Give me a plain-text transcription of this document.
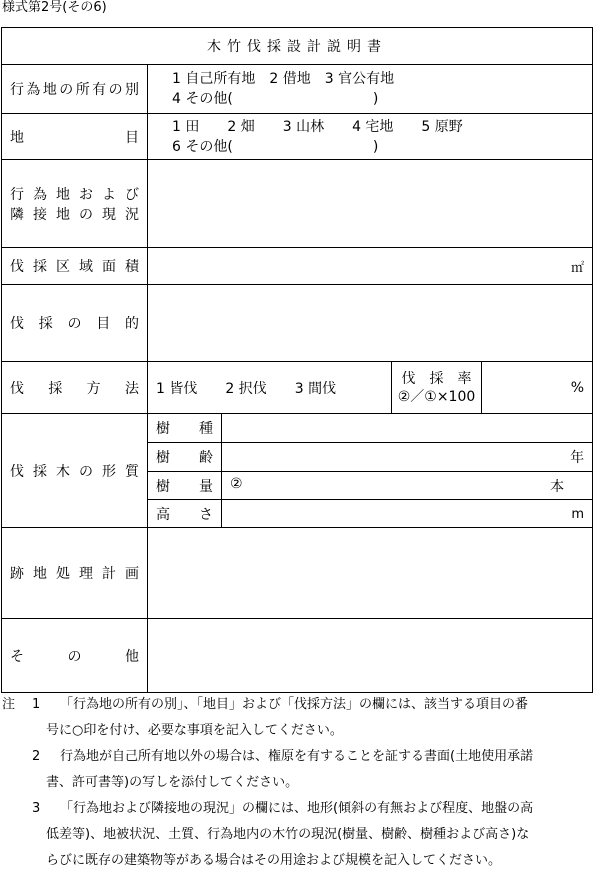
様式第2号(その6)
木竹伐採設計説明書				
行為地の所有の別	1 自己所有地　2 借地　3 官公有地
4 その他(　　　　　　　　　　)			

地目	1 田　　2 畑　　3 山林　　4 宅地　　5 原野
6 その他(　　　　　　　　　　)			

行為地および
隣接地の現況				

伐採区域面積	㎡			
伐採の目的				
伐採方法	1 皆伐　　2 択伐　　3 間伐		伐　採　率
②／①×100	%
伐採木の形質	樹種			
	樹齢	年		
	樹量	② 本		

	高さ	m		
跡地処理計画				
その他				
注	1	「行為地の所有の別」、「地目」および「伐採方法」の欄には、該当する項目の番
号に○印を付け、必要な事項を記入してください。
2	行為地が自己所有地以外の場合は、権原を有することを証する書面(土地使用承諾
書、許可書等)の写しを添付してください。
3	「行為地および隣接地の現況」の欄には、地形(傾斜の有無および程度、地盤の高
低差等)、地被状況、土質、行為地内の木竹の現況(樹量、樹齢、樹種および高さ)な
らびに既存の建築物等がある場合はその用途および規模を記入してください。
